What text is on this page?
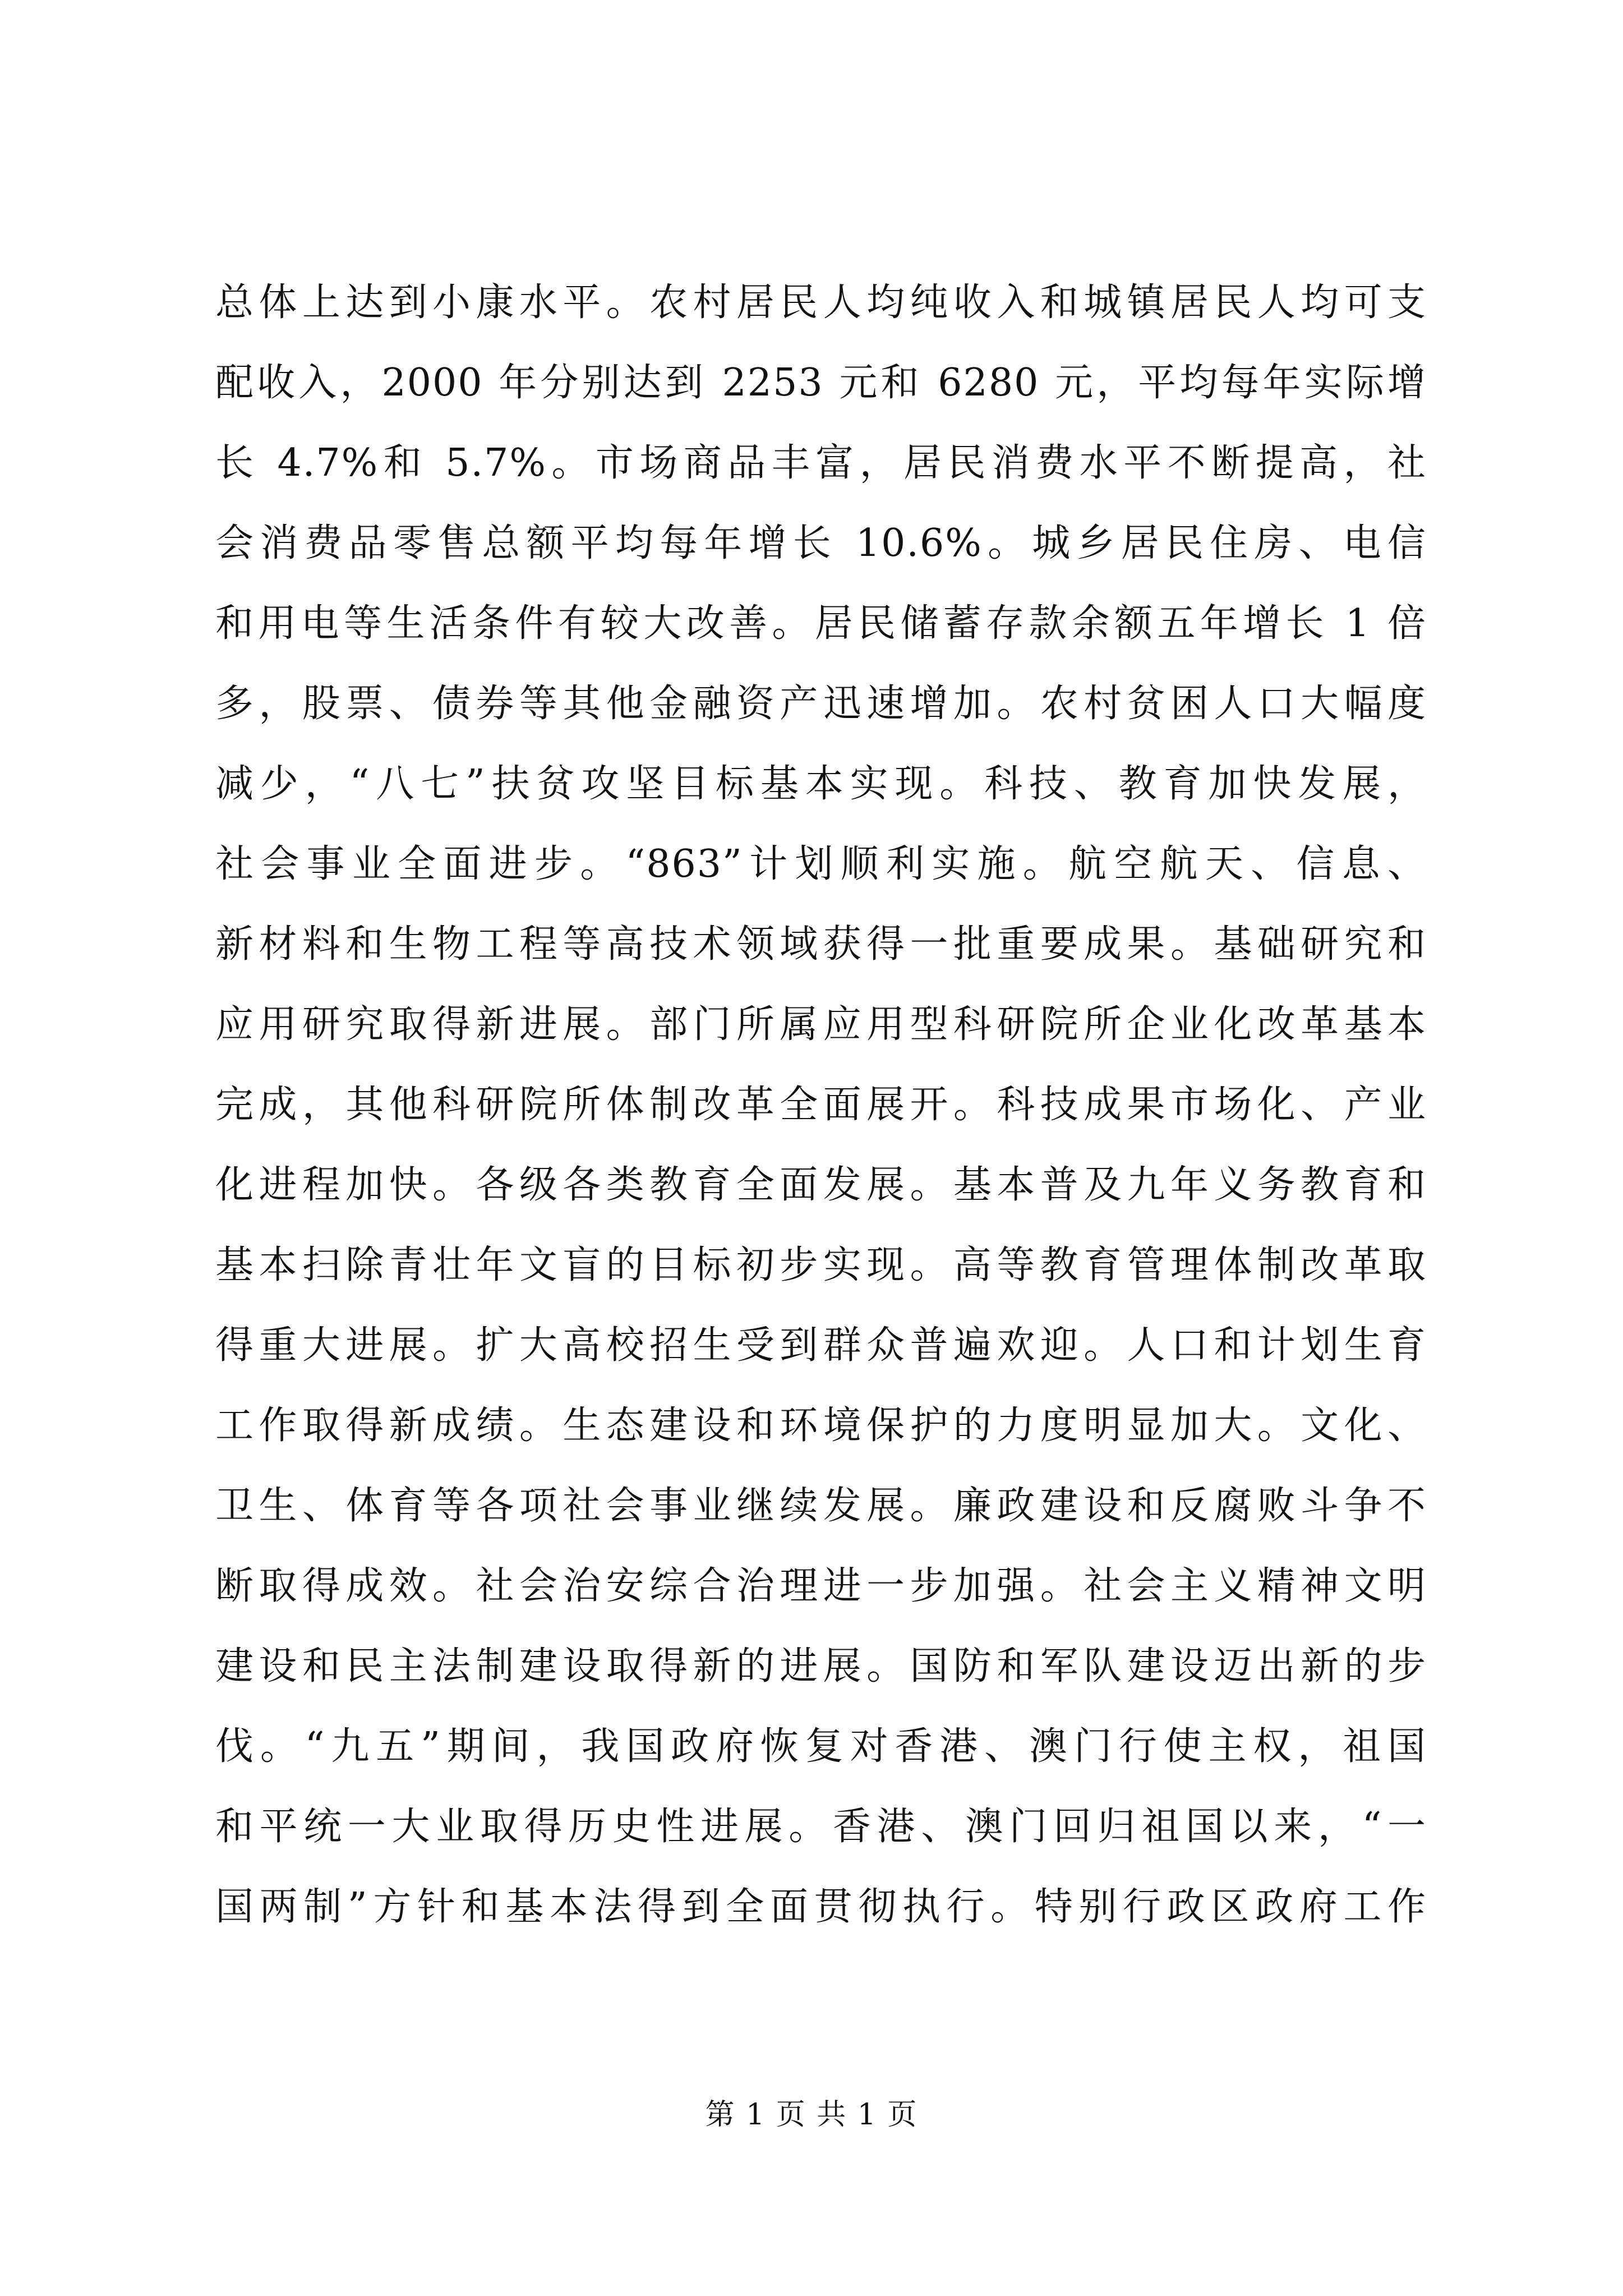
总体上达到小康水平。农村居民人均纯收入和城镇居民人均可支
配收入，2000 年分别达到 2253 元和 6280 元，平均每年实际增
长 4.7%和 5.7%。市场商品丰富，居民消费水平不断提高，社
会消费品零售总额平均每年增长 10.6%。城乡居民住房、电信
和用电等生活条件有较大改善。居民储蓄存款余额五年增长 1 倍
多，股票、债券等其他金融资产迅速增加。农村贫困人口大幅度
减少，“八七”扶贫攻坚目标基本实现。科技、教育加快发展，
社会事业全面进步。“863”计划顺利实施。航空航天、信息、
新材料和生物工程等高技术领域获得一批重要成果。基础研究和
应用研究取得新进展。部门所属应用型科研院所企业化改革基本
完成，其他科研院所体制改革全面展开。科技成果市场化、产业
化进程加快。各级各类教育全面发展。基本普及九年义务教育和
基本扫除青壮年文盲的目标初步实现。高等教育管理体制改革取
得重大进展。扩大高校招生受到群众普遍欢迎。人口和计划生育
工作取得新成绩。生态建设和环境保护的力度明显加大。文化、
卫生、体育等各项社会事业继续发展。廉政建设和反腐败斗争不
断取得成效。社会治安综合治理进一步加强。社会主义精神文明
建设和民主法制建设取得新的进展。国防和军队建设迈出新的步
伐。“九五”期间，我国政府恢复对香港、澳门行使主权，祖国
和平统一大业取得历史性进展。香港、澳门回归祖国以来，“一
国两制”方针和基本法得到全面贯彻执行。特别行政区政府工作
第 1 页 共 1 页
